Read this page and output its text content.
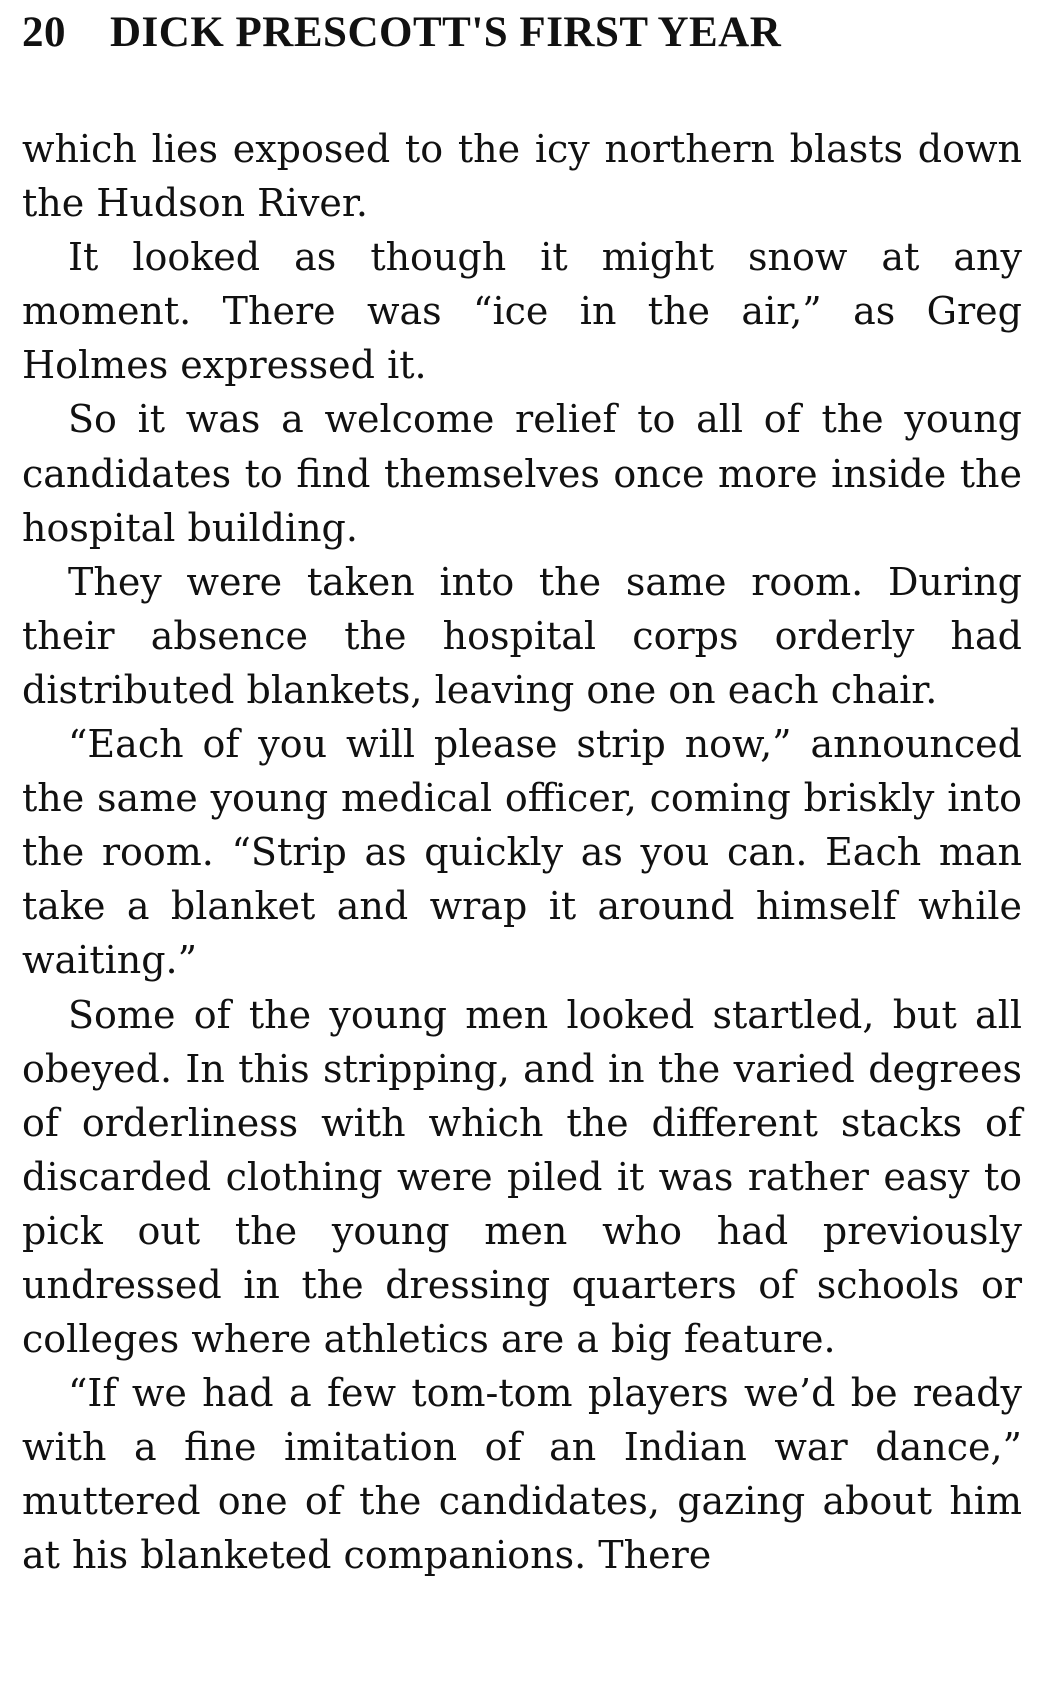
20	DICK PRESCOTT'S FIRST YEAR

which lies exposed to the icy northern blasts down the Hudson River.

It looked as though it might snow at any moment. There was “ice in the air,” as Greg Holmes expressed it.

So it was a welcome relief to all of the young candidates to find themselves once more inside the hospital building.

They were taken into the same room. During their absence the hospital corps orderly had distributed blankets, leaving one on each chair.

“Each of you will please strip now,” announced the same young medical officer, coming briskly into the room. “Strip as quickly as you can. Each man take a blanket and wrap it around himself while waiting.”

Some of the young men looked startled, but all obeyed. In this stripping, and in the varied degrees of orderliness with which the different stacks of discarded clothing were piled it was rather easy to pick out the young men who had previously undressed in the dressing quarters of schools or colleges where athletics are a big feature.

“If we had a few tom-tom players we’d be ready with a fine imitation of an Indian war dance,” muttered one of the candidates, gazing about him at his blanketed companions. There
